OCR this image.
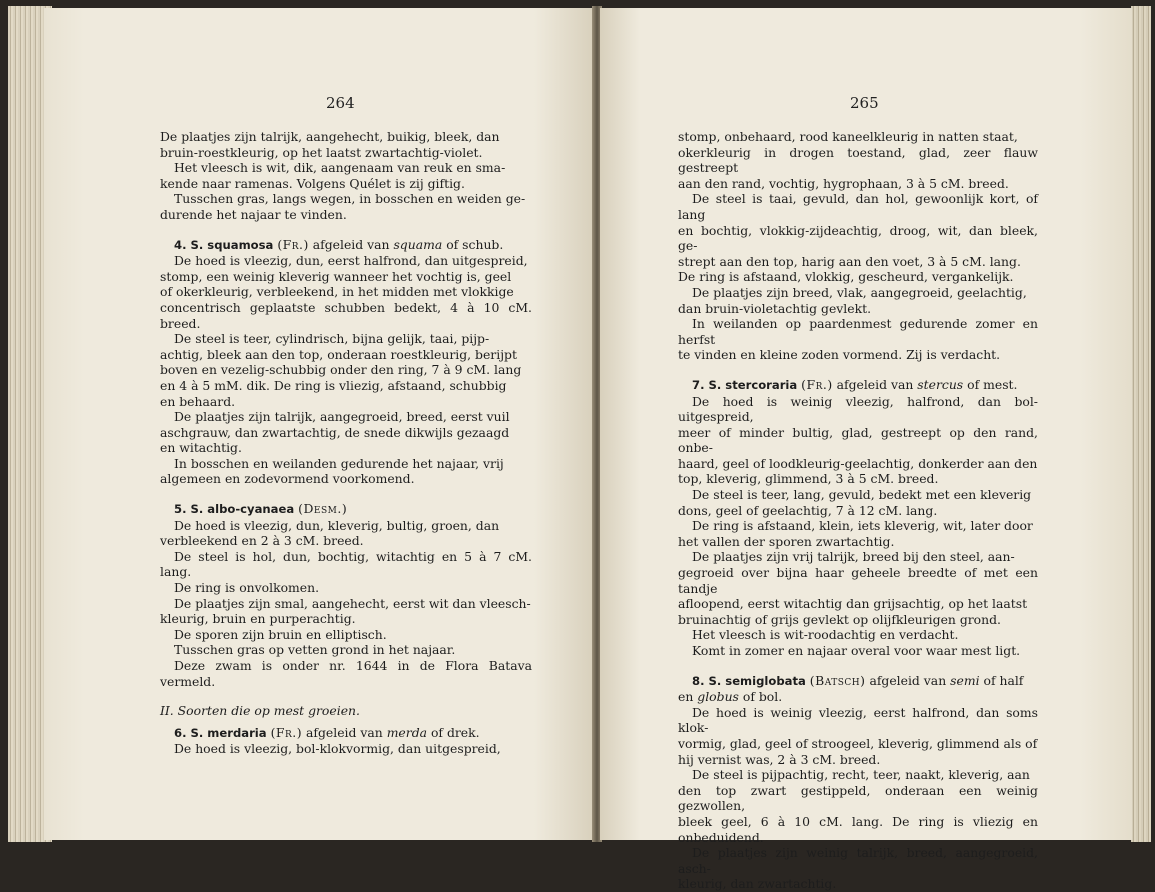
264

De plaatjes zijn talrijk, aangehecht, buikig, bleek, dan

bruin-roestkleurig, op het laatst zwartachtig-violet.

Het vleesch is wit, dik, aangenaam van reuk en sma-

kende naar ramenas. Volgens Quélet is zij giftig.

Tusschen gras, langs wegen, in bosschen en weiden ge-

durende het najaar te vinden.

4. S. squamosa (Fr.) afgeleid van squama of schub.

De hoed is vleezig, dun, eerst halfrond, dan uitgespreid,

stomp, een weinig kleverig wanneer het vochtig is, geel

of okerkleurig, verbleekend, in het midden met vlokkige

concentrisch geplaatste schubben bedekt, 4 à 10 cM. breed.

De steel is teer, cylindrisch, bijna gelijk, taai, pijp-

achtig, bleek aan den top, onderaan roestkleurig, berijpt

boven en vezelig-schubbig onder den ring, 7 à 9 cM. lang

en 4 à 5 mM. dik. De ring is vliezig, afstaand, schubbig

en behaard.

De plaatjes zijn talrijk, aangegroeid, breed, eerst vuil

aschgrauw, dan zwartachtig, de snede dikwijls gezaagd

en witachtig.

In bosschen en weilanden gedurende het najaar, vrij

algemeen en zodevormend voorkomend.

5. S. albo-cyanaea (Desm.)

De hoed is vleezig, dun, kleverig, bultig, groen, dan

verbleekend en 2 à 3 cM. breed.

De steel is hol, dun, bochtig, witachtig en 5 à 7 cM. lang.

De ring is onvolkomen.

De plaatjes zijn smal, aangehecht, eerst wit dan vleesch-

kleurig, bruin en purperachtig.

De sporen zijn bruin en elliptisch.

Tusschen gras op vetten grond in het najaar.

Deze zwam is onder nr. 1644 in de Flora Batava vermeld.

II. Soorten die op mest groeien.

6. S. merdaria (Fr.) afgeleid van merda of drek.

De hoed is vleezig, bol-klokvormig, dan uitgespreid,

265

stomp, onbehaard, rood kaneelkleurig in natten staat,

okerkleurig in drogen toestand, glad, zeer flauw gestreept

aan den rand, vochtig, hygrophaan, 3 à 5 cM. breed.

De steel is taai, gevuld, dan hol, gewoonlijk kort, of lang

en bochtig, vlokkig-zijdeachtig, droog, wit, dan bleek, ge-

strept aan den top, harig aan den voet, 3 à 5 cM. lang.

De ring is afstaand, vlokkig, gescheurd, vergankelijk.

De plaatjes zijn breed, vlak, aangegroeid, geelachtig,

dan bruin-violetachtig gevlekt.

In weilanden op paardenmest gedurende zomer en herfst

te vinden en kleine zoden vormend. Zij is verdacht.

7. S. stercoraria (Fr.) afgeleid van stercus of mest.

De hoed is weinig vleezig, halfrond, dan bol-uitgespreid,

meer of minder bultig, glad, gestreept op den rand, onbe-

haard, geel of loodkleurig-geelachtig, donkerder aan den

top, kleverig, glimmend, 3 à 5 cM. breed.

De steel is teer, lang, gevuld, bedekt met een kleverig

dons, geel of geelachtig, 7 à 12 cM. lang.

De ring is afstaand, klein, iets kleverig, wit, later door

het vallen der sporen zwartachtig.

De plaatjes zijn vrij talrijk, breed bij den steel, aan-

gegroeid over bijna haar geheele breedte of met een tandje

afloopend, eerst witachtig dan grijsachtig, op het laatst

bruinachtig of grijs gevlekt op olijfkleurigen grond.

Het vleesch is wit-roodachtig en verdacht.

Komt in zomer en najaar overal voor waar mest ligt.

8. S. semiglobata (Batsch) afgeleid van semi of half

en globus of bol.

De hoed is weinig vleezig, eerst halfrond, dan soms klok-

vormig, glad, geel of stroogeel, kleverig, glimmend als of

hij vernist was, 2 à 3 cM. breed.

De steel is pijpachtig, recht, teer, naakt, kleverig, aan

den top zwart gestippeld, onderaan een weinig gezwollen,

bleek geel, 6 à 10 cM. lang. De ring is vliezig en onbeduidend.

De plaatjes zijn weinig talrijk, breed, aangegroeid, asch-

kleurig, dan zwartachtig.
